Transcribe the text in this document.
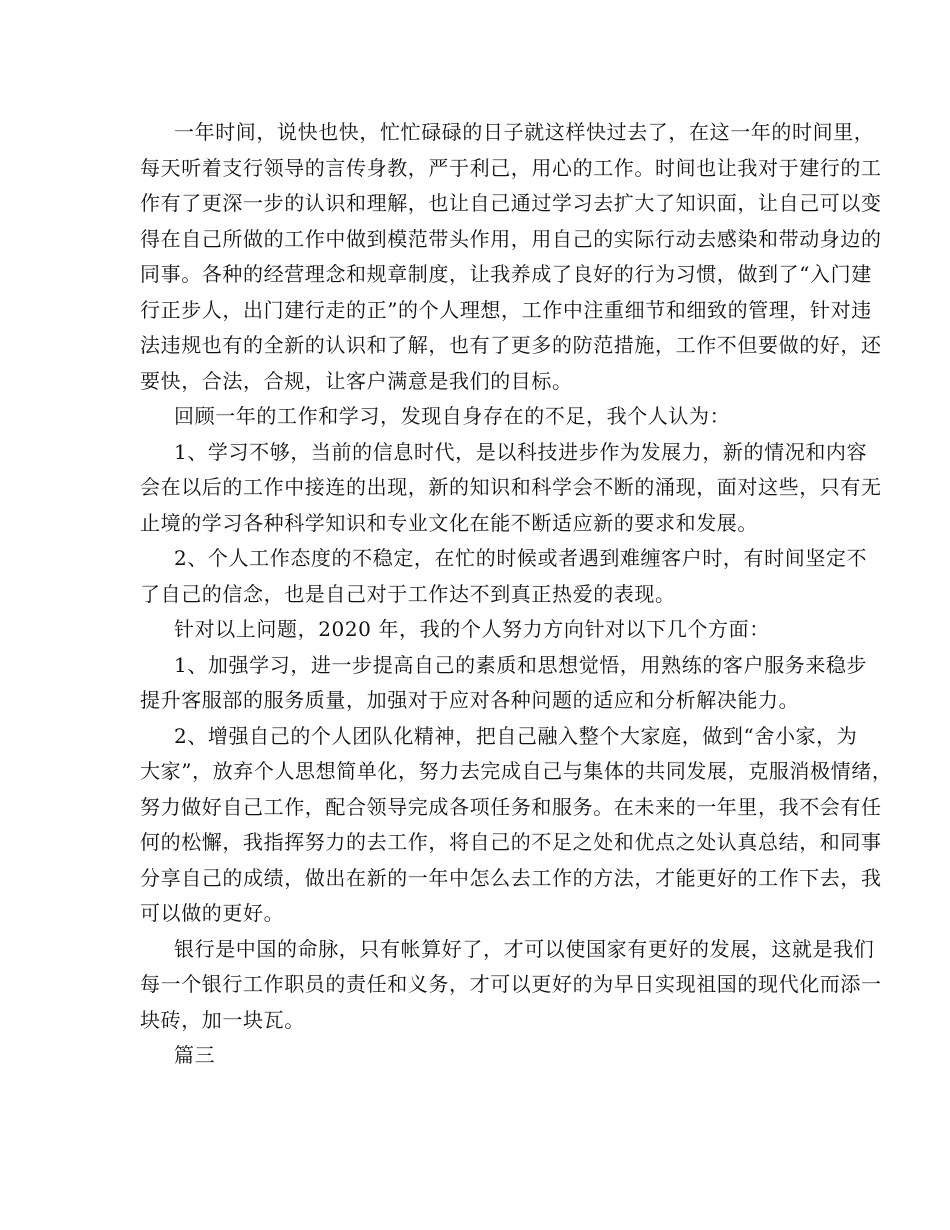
一年时间，说快也快，忙忙碌碌的日子就这样快过去了，在这一年的时间里，
每天听着支行领导的言传身教，严于利己，用心的工作。时间也让我对于建行的工
作有了更深一步的认识和理解，也让自己通过学习去扩大了知识面，让自己可以变
得在自己所做的工作中做到模范带头作用，用自己的实际行动去感染和带动身边的
同事。各种的经营理念和规章制度，让我养成了良好的行为习惯，做到了“入门建
行正步人，出门建行走的正”的个人理想，工作中注重细节和细致的管理，针对违
法违规也有的全新的认识和了解，也有了更多的防范措施，工作不但要做的好，还
要快，合法，合规，让客户满意是我们的目标。

回顾一年的工作和学习，发现自身存在的不足，我个人认为：

1、学习不够，当前的信息时代，是以科技进步作为发展力，新的情况和内容
会在以后的工作中接连的出现，新的知识和科学会不断的涌现，面对这些，只有无
止境的学习各种科学知识和专业文化在能不断适应新的要求和发展。

2、个人工作态度的不稳定，在忙的时候或者遇到难缠客户时，有时间坚定不
了自己的信念，也是自己对于工作达不到真正热爱的表现。

针对以上问题，2020 年，我的个人努力方向针对以下几个方面：

1、加强学习，进一步提高自己的素质和思想觉悟，用熟练的客户服务来稳步
提升客服部的服务质量，加强对于应对各种问题的适应和分析解决能力。

2、增强自己的个人团队化精神，把自己融入整个大家庭，做到“舍小家，为
大家”，放弃个人思想简单化，努力去完成自己与集体的共同发展，克服消极情绪，
努力做好自己工作，配合领导完成各项任务和服务。在未来的一年里，我不会有任
何的松懈，我指挥努力的去工作，将自己的不足之处和优点之处认真总结，和同事
分享自己的成绩，做出在新的一年中怎么去工作的方法，才能更好的工作下去，我
可以做的更好。

银行是中国的命脉，只有帐算好了，才可以使国家有更好的发展，这就是我们
每一个银行工作职员的责任和义务，才可以更好的为早日实现祖国的现代化而添一
块砖，加一块瓦。

篇三
